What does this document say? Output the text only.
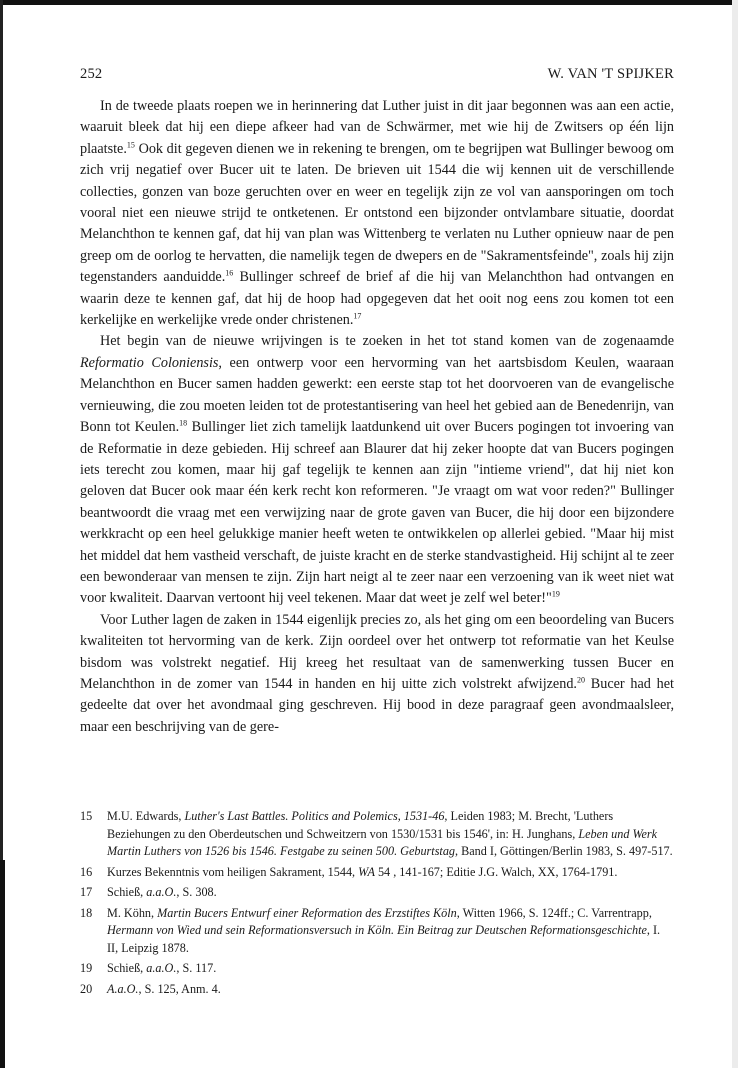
252	W. VAN 'T SPIJKER

In de tweede plaats roepen we in herinnering dat Luther juist in dit jaar begonnen was aan een actie, waaruit bleek dat hij een diepe afkeer had van de Schwärmer, met wie hij de Zwitsers op één lijn plaatste.$^{15}$ Ook dit gegeven dienen we in rekening te brengen, om te begrijpen wat Bullinger bewoog om zich vrij negatief over Bucer uit te laten. De brieven uit 1544 die wij kennen uit de verschillende collecties, gonzen van boze geruchten over en weer en tegelijk zijn ze vol van aansporingen om toch vooral niet een nieuwe strijd te ontketenen. Er ontstond een bijzonder ontvlambare situatie, doordat Melanchthon te kennen gaf, dat hij van plan was Wittenberg te verlaten nu Luther opnieuw naar de pen greep om de oorlog te hervatten, die namelijk tegen de dwepers en de "Sakramentsfeinde", zoals hij zijn tegenstanders aanduidde.$^{16}$ Bullinger schreef de brief af die hij van Melanchthon had ontvangen en waarin deze te kennen gaf, dat hij de hoop had opgegeven dat het ooit nog eens zou komen tot een kerkelijke en werkelijke vrede onder christenen.$^{17}$

Het begin van de nieuwe wrijvingen is te zoeken in het tot stand komen van de zogenaamde Reformatio Coloniensis, een ontwerp voor een hervorming van het aartsbisdom Keulen, waaraan Melanchthon en Bucer samen hadden gewerkt: een eerste stap tot het doorvoeren van de evangelische vernieuwing, die zou moeten leiden tot de protestantisering van heel het gebied aan de Benedenrijn, van Bonn tot Keulen.$^{18}$ Bullinger liet zich tamelijk laatdunkend uit over Bucers pogingen tot invoering van de Reformatie in deze gebieden. Hij schreef aan Blaurer dat hij zeker hoopte dat van Bucers pogingen iets terecht zou komen, maar hij gaf tegelijk te kennen aan zijn "intieme vriend", dat hij niet kon geloven dat Bucer ook maar één kerk recht kon reformeren. "Je vraagt om wat voor reden?" Bullinger beantwoordt die vraag met een verwijzing naar de grote gaven van Bucer, die hij door een bijzondere werkkracht op een heel gelukkige manier heeft weten te ontwikkelen op allerlei gebied. "Maar hij mist het middel dat hem vastheid verschaft, de juiste kracht en de sterke standvastigheid. Hij schijnt al te zeer een bewonderaar van mensen te zijn. Zijn hart neigt al te zeer naar een verzoening van ik weet niet wat voor kwaliteit. Daarvan vertoont hij veel tekenen. Maar dat weet je zelf wel beter!"$^{19}$

Voor Luther lagen de zaken in 1544 eigenlijk precies zo, als het ging om een beoordeling van Bucers kwaliteiten tot hervorming van de kerk. Zijn oordeel over het ontwerp tot reformatie van het Keulse bisdom was volstrekt negatief. Hij kreeg het resultaat van de samenwerking tussen Bucer en Melanchthon in de zomer van 1544 in handen en hij uitte zich volstrekt afwijzend.$^{20}$ Bucer had het gedeelte dat over het avondmaal ging geschreven. Hij bood in deze paragraaf geen avondmaalsleer, maar een beschrijving van de gere-

15 M.U. Edwards, Luther's Last Battles. Politics and Polemics, 1531-46, Leiden 1983; M. Brecht, 'Luthers Beziehungen zu den Oberdeutschen und Schweitzern von 1530/1531 bis 1546', in: H. Junghans, Leben und Werk Martin Luthers von 1526 bis 1546. Festgabe zu seinen 500. Geburtstag, Band I, Göttingen/Berlin 1983, S. 497-517.
16 Kurzes Bekenntnis vom heiligen Sakrament, 1544, WA 54 , 141-167; Editie J.G. Walch, XX, 1764-1791.
17 Schieß, a.a.O., S. 308.
18 M. Köhn, Martin Bucers Entwurf einer Reformation des Erzstiftes Köln, Witten 1966, S. 124ff.; C. Varrentrapp, Hermann von Wied und sein Reformationsversuch in Köln. Ein Beitrag zur Deutschen Reformationsgeschichte, I. II, Leipzig 1878.
19 Schieß, a.a.O., S. 117.
20 A.a.O., S. 125, Anm. 4.
